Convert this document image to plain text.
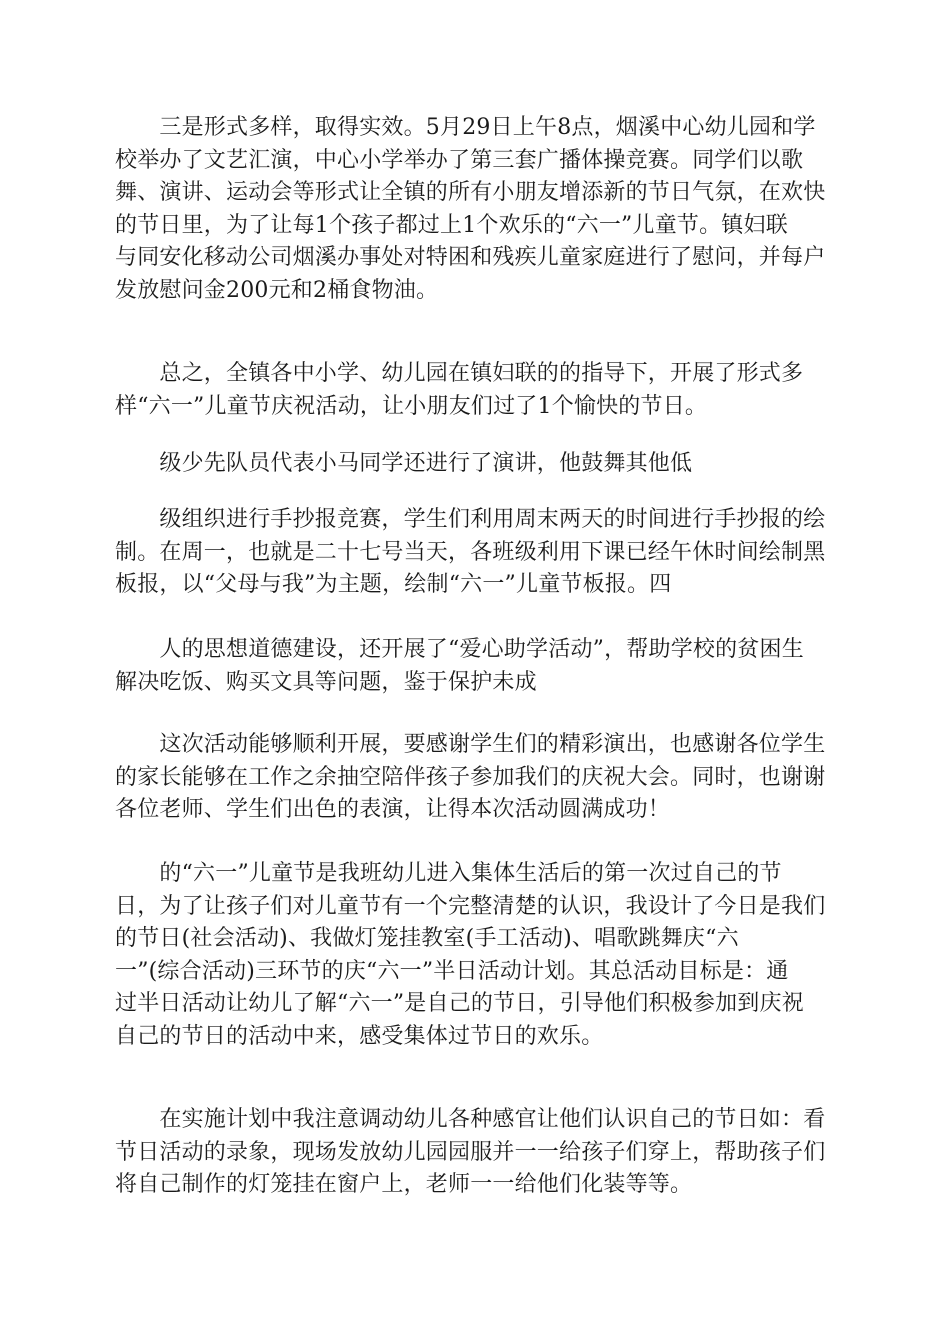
　　三是形式多样，取得实效。5月29日上午8点，烟溪中心幼儿园和学
校举办了文艺汇演，中心小学举办了第三套广播体操竞赛。同学们以歌
舞、演讲、运动会等形式让全镇的所有小朋友增添新的节日气氛，在欢快
的节日里，为了让每1个孩子都过上1个欢乐的“六一”儿童节。镇妇联
与同安化移动公司烟溪办事处对特困和残疾儿童家庭进行了慰问，并每户
发放慰问金200元和2桶食物油。

　　总之，全镇各中小学、幼儿园在镇妇联的的指导下，开展了形式多
样“六一”儿童节庆祝活动，让小朋友们过了1个愉快的节日。

　　级少先队员代表小马同学还进行了演讲，他鼓舞其他低

　　级组织进行手抄报竞赛，学生们利用周末两天的时间进行手抄报的绘
制。在周一，也就是二十七号当天，各班级利用下课已经午休时间绘制黑
板报，以“父母与我”为主题，绘制“六一”儿童节板报。四

　　人的思想道德建设，还开展了“爱心助学活动”，帮助学校的贫困生
解决吃饭、购买文具等问题，鉴于保护未成

　　这次活动能够顺利开展，要感谢学生们的精彩演出，也感谢各位学生
的家长能够在工作之余抽空陪伴孩子参加我们的庆祝大会。同时，也谢谢
各位老师、学生们出色的表演，让得本次活动圆满成功！

　　的“六一”儿童节是我班幼儿进入集体生活后的第一次过自己的节
日，为了让孩子们对儿童节有一个完整清楚的认识，我设计了今日是我们
的节日(社会活动)、我做灯笼挂教室(手工活动)、唱歌跳舞庆“六
一”(综合活动)三环节的庆“六一”半日活动计划。其总活动目标是：通
过半日活动让幼儿了解“六一”是自己的节日，引导他们积极参加到庆祝
自己的节日的活动中来，感受集体过节日的欢乐。

　　在实施计划中我注意调动幼儿各种感官让他们认识自己的节日如：看
节日活动的录象，现场发放幼儿园园服并一一给孩子们穿上，帮助孩子们
将自己制作的灯笼挂在窗户上，老师一一给他们化装等等。
